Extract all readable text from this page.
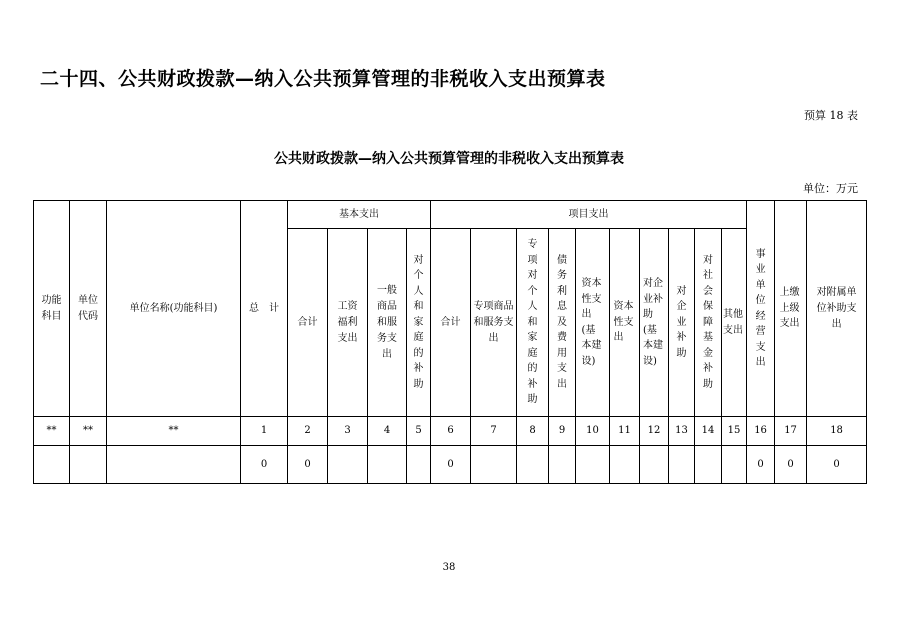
二十四、公共财政拨款—纳入公共预算管理的非税收入支出预算表
预算 18 表
公共财政拨款—纳入公共预算管理的非税收入支出预算表
单位：万元
功能科目	单位代码	单位名称(功能科目)	总　计	基本支出				项目支出										事业单位经营支出	上缴上级支出	对附属单位补助支出
				合计	工资福利支出	一般商品和服务支出	对个人和家庭的补助	合计	专项商品和服务支出	专项对个人和家庭的补助	债务利息及费用支出	资本性支出(基本建设)	资本性支出	对企业补助(基本建设)	对企业补助	对社会保障基金补助	其他支出			
**	**	**	1	2	3	4	5	6	7	8	9	10	11	12	13	14	15	16	17	18
			0	0				0										0	0	0
38
